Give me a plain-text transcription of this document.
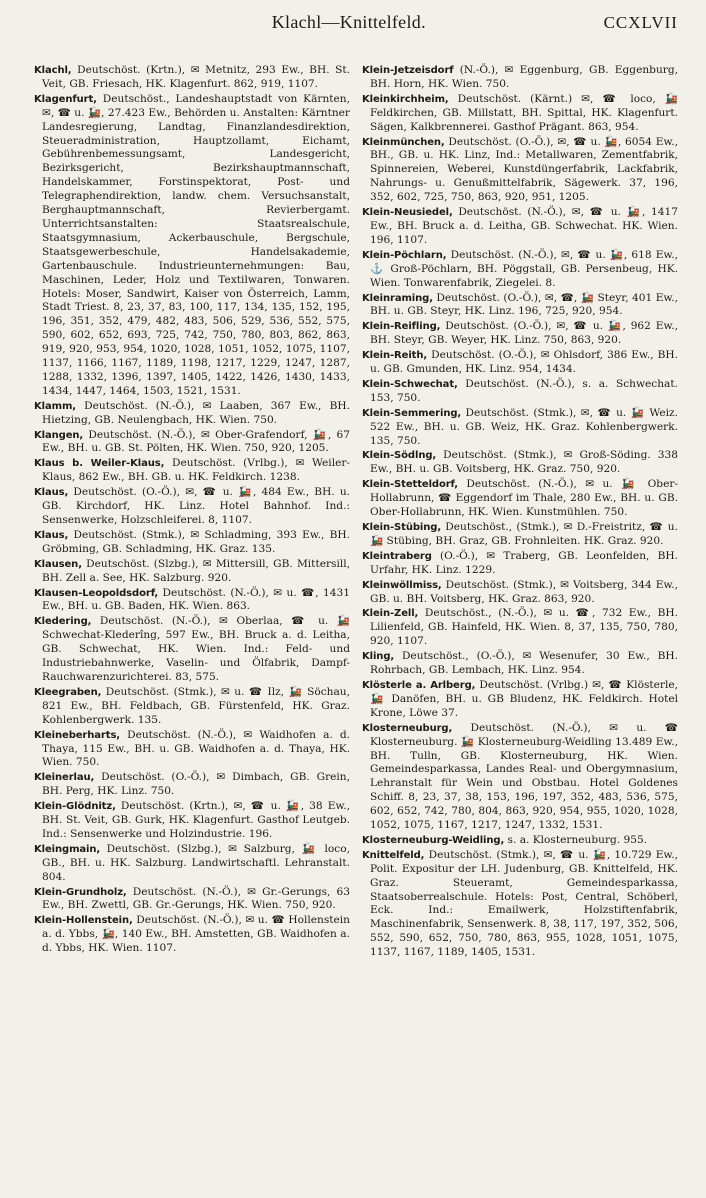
Klachl—Knittelfeld.	CCXLVII

Klachl, Deutschöst. (Krtn.), ✉ Metnitz, 293 Ew., BH. St. Veit, GB. Friesach, HK. Klagenfurt. 862, 919, 1107.

Klagenfurt, Deutschöst., Landeshauptstadt von Kärnten, ✉, ☎ u. 🚂, 27.423 Ew., Behörden u. Anstalten: Kärntner Landesregierung, Landtag, Finanzlandesdirektion, Steueradministration, Hauptzollamt, Eichamt, Gebührenbemessungsamt, Landesgericht, Bezirksgericht, Bezirkshauptmannschaft, Handelskammer, Forstinspektorat, Post- und Telegraphendirektion, landw. chem. Versuchsanstalt, Berghauptmannschaft, Revierbergamt. Unterrichtsanstalten: Staatsrealschule, Staatsgymnasium, Ackerbauschule, Bergschule, Staatsgewerbeschule, Handelsakademie, Gartenbauschule. Industrieunternehmungen: Bau, Maschinen, Leder, Holz und Textilwaren, Tonwaren. Hotels: Moser, Sandwirt, Kaiser von Österreich, Lamm, Stadt Triest. 8, 23, 37, 83, 100, 117, 134, 135, 152, 195, 196, 351, 352, 479, 482, 483, 506, 529, 536, 552, 575, 590, 602, 652, 693, 725, 742, 750, 780, 803, 862, 863, 919, 920, 953, 954, 1020, 1028, 1051, 1052, 1075, 1107, 1137, 1166, 1167, 1189, 1198, 1217, 1229, 1247, 1287, 1288, 1332, 1396, 1397, 1405, 1422, 1426, 1430, 1433, 1434, 1447, 1464, 1503, 1521, 1531.

Klamm, Deutschöst. (N.-Ö.), ✉ Laaben, 367 Ew., BH. Hietzing, GB. Neulengbach, HK. Wien. 750.

Klangen, Deutschöst. (N.-Ö.), ✉ Ober-Grafendorf, 🚂, 67 Ew., BH. u. GB. St. Pölten, HK. Wien. 750, 920, 1205.

Klaus b. Weiler-Klaus, Deutschöst. (Vrlbg.), ✉ Weiler-Klaus, 862 Ew., BH. GB. u. HK. Feldkirch. 1238.

Klaus, Deutschöst. (O.-Ö.), ✉, ☎ u. 🚂, 484 Ew., BH. u. GB. Kirchdorf, HK. Linz. Hotel Bahnhof. Ind.: Sensenwerke, Holzschleiferei. 8, 1107.

Klaus, Deutschöst. (Stmk.), ✉ Schladming, 393 Ew., BH. Gröbming, GB. Schladming, HK. Graz. 135.

Klausen, Deutschöst. (Slzbg.), ✉ Mittersill, GB. Mittersill, BH. Zell a. See, HK. Salzburg. 920.

Klausen-Leopoldsdorf, Deutschöst. (N.-Ö.), ✉ u. ☎, 1431 Ew., BH. u. GB. Baden, HK. Wien. 863.

Kledering, Deutschöst. (N.-Ö.), ✉ Oberlaa, ☎ u. 🚂 Schwechat-Klederîng, 597 Ew., BH. Bruck a. d. Leitha, GB. Schwechat, HK. Wien. Ind.: Feld- und Industriebahnwerke, Vaselin- und Ölfabrik, Dampf-Rauchwarenzurichterei. 83, 575.

Kleegraben, Deutschöst. (Stmk.), ✉ u. ☎ Ilz, 🚂 Söchau, 821 Ew., BH. Feldbach, GB. Fürstenfeld, HK. Graz. Kohlenbergwerk. 135.

Kleineberharts, Deutschöst. (N.-Ö.), ✉ Waidhofen a. d. Thaya, 115 Ew., BH. u. GB. Waidhofen a. d. Thaya, HK. Wien. 750.

Kleinerlau, Deutschöst. (O.-Ö.), ✉ Dimbach, GB. Grein, BH. Perg, HK. Linz. 750.

Klein-Glödnitz, Deutschöst. (Krtn.), ✉, ☎ u. 🚂, 38 Ew., BH. St. Veit, GB. Gurk, HK. Klagenfurt. Gasthof Leutgeb. Ind.: Sensenwerke und Holzindustrie. 196.

Kleingmain, Deutschöst. (Slzbg.), ✉ Salzburg, 🚂 loco, GB., BH. u. HK. Salzburg. Landwirtschaftl. Lehranstalt. 804.

Klein-Grundholz, Deutschöst. (N.-Ö.), ✉ Gr.-Gerungs, 63 Ew., BH. Zwettl, GB. Gr.-Gerungs, HK. Wien. 750, 920.

Klein-Hollenstein, Deutschöst. (N.-Ö.), ✉ u. ☎ Hollenstein a. d. Ybbs, 🚂, 140 Ew., BH. Amstetten, GB. Waidhofen a. d. Ybbs, HK. Wien. 1107.

Klein-Jetzeisdorf (N.-Ö.), ✉ Eggenburg, GB. Eggenburg, BH. Horn, HK. Wien. 750.

Kleinkirchheim, Deutschöst. (Kärnt.) ✉, ☎ loco, 🚂 Feldkirchen, GB. Millstatt, BH. Spittal, HK. Klagenfurt. Sägen, Kalkbrennerei. Gasthof Prägant. 863, 954.

Kleinmünchen, Deutschöst. (O.-Ö.), ✉, ☎ u. 🚂, 6054 Ew., BH., GB. u. HK. Linz, Ind.: Metallwaren, Zementfabrik, Spinnereien, Weberei, Kunstdüngerfabrik, Lackfabrik, Nahrungs- u. Genußmittelfabrik, Sägewerk. 37, 196, 352, 602, 725, 750, 863, 920, 951, 1205.

Klein-Neusiedel, Deutschöst. (N.-Ö.), ✉, ☎ u. 🚂, 1417 Ew., BH. Bruck a. d. Leitha, GB. Schwechat. HK. Wien. 196, 1107.

Klein-Pöchlarn, Deutschöst. (N.-Ö.), ✉, ☎ u. 🚂, 618 Ew., ⚓ Groß-Pöchlarn, BH. Pöggstall, GB. Persenbeug, HK. Wien. Tonwarenfabrik, Ziegelei. 8.

Kleinraming, Deutschöst. (O.-Ö.), ✉, ☎, 🚂 Steyr, 401 Ew., BH. u. GB. Steyr, HK. Linz. 196, 725, 920, 954.

Klein-Reifling, Deutschöst. (O.-Ö.), ✉, ☎ u. 🚂, 962 Ew., BH. Steyr, GB. Weyer, HK. Linz. 750, 863, 920.

Klein-Reith, Deutschöst. (O.-Ö.), ✉ Ohlsdorf, 386 Ew., BH. u. GB. Gmunden, HK. Linz. 954, 1434.

Klein-Schwechat, Deutschöst. (N.-Ö.), s. a. Schwechat. 153, 750.

Klein-Semmering, Deutschöst. (Stmk.), ✉, ☎ u. 🚂 Weiz. 522 Ew., BH. u. GB. Weiz, HK. Graz. Kohlenbergwerk. 135, 750.

Klein-Södlng, Deutschöst. (Stmk.), ✉ Groß-Söding. 338 Ew., BH. u. GB. Voitsberg, HK. Graz. 750, 920.

Klein-Stetteldorf, Deutschöst. (N.-Ö.), ✉ u. 🚂 Ober-Hollabrunn, ☎ Eggendorf im Thale, 280 Ew., BH. u. GB. Ober-Hollabrunn, HK. Wien. Kunstmühlen. 750.

Klein-Stübing, Deutschöst., (Stmk.), ✉ D.-Freistritz, ☎ u. 🚂 Stübing, BH. Graz, GB. Frohnleiten. HK. Graz. 920.

Kleintraberg (O.-Ö.), ✉ Traberg, GB. Leonfelden, BH. Urfahr, HK. Linz. 1229.

Kleinwöllmiss, Deutschöst. (Stmk.), ✉ Voitsberg, 344 Ew., GB. u. BH. Voitsberg, HK. Graz. 863, 920.

Klein-Zell, Deutschöst., (N.-Ö.), ✉ u. ☎, 732 Ew., BH. Lilienfeld, GB. Hainfeld, HK. Wien. 8, 37, 135, 750, 780, 920, 1107.

Kling, Deutschöst., (O.-Ö.), ✉ Wesenufer, 30 Ew., BH. Rohrbach, GB. Lembach, HK. Linz. 954.

Klösterle a. Arlberg, Deutschöst. (Vrlbg.) ✉, ☎ Klösterle, 🚂 Danöfen, BH. u. GB Bludenz, HK. Feldkirch. Hotel Krone, Löwe 37.

Klosterneuburg, Deutschöst. (N.-Ö.), ✉ u. ☎ Klosterneuburg. 🚂 Klosterneuburg-Weidling 13.489 Ew., BH. Tulln, GB. Klosterneuburg, HK. Wien. Gemeindesparkassa, Landes Real- und Obergymnasium, Lehranstalt für Wein und Obstbau. Hotel Goldenes Schiff. 8, 23, 37, 38, 153, 196, 197, 352, 483, 536, 575, 602, 652, 742, 780, 804, 863, 920, 954, 955, 1020, 1028, 1052, 1075, 1167, 1217, 1247, 1332, 1531.

Klosterneuburg-Weidling, s. a. Klosterneuburg. 955.

Knittelfeld, Deutschöst. (Stmk.), ✉, ☎ u. 🚂, 10.729 Ew., Polit. Expositur der LH. Judenburg, GB. Knittelfeld, HK. Graz. Steueramt, Gemeindesparkassa, Staatsoberrealschule. Hotels: Post, Central, Schöberl, Eck. Ind.: Emailwerk, Holzstiftenfabrik, Maschinenfabrik, Sensenwerk. 8, 38, 117, 197, 352, 506, 552, 590, 652, 750, 780, 863, 955, 1028, 1051, 1075, 1137, 1167, 1189, 1405, 1531.
